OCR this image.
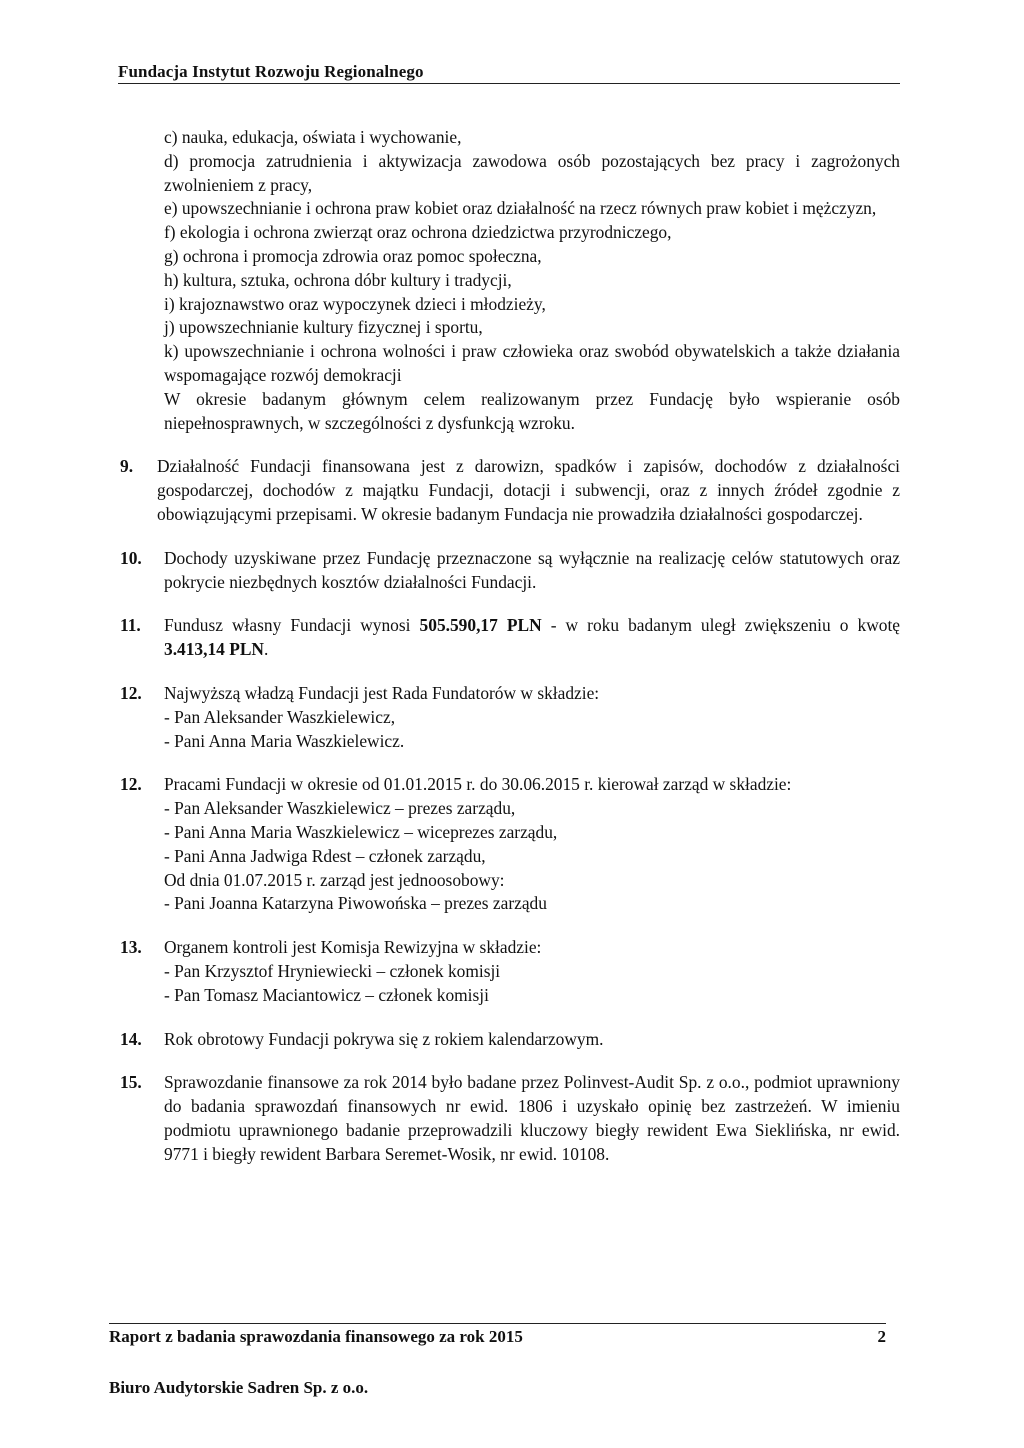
Fundacja Instytut Rozwoju Regionalnego
c) nauka, edukacja, oświata i wychowanie,
d) promocja zatrudnienia i aktywizacja zawodowa osób pozostających bez pracy i zagrożonych zwolnieniem z pracy,
e) upowszechnianie i ochrona praw kobiet oraz działalność na rzecz równych praw kobiet i mężczyzn,
f) ekologia i ochrona zwierząt oraz ochrona dziedzictwa przyrodniczego,
g) ochrona i promocja zdrowia oraz pomoc społeczna,
h) kultura, sztuka, ochrona dóbr kultury i tradycji,
i) krajoznawstwo oraz wypoczynek dzieci i młodzieży,
j) upowszechnianie kultury fizycznej i sportu,
k) upowszechnianie i ochrona wolności i praw człowieka oraz swobód obywatelskich a także działania wspomagające rozwój demokracji
W okresie badanym głównym celem realizowanym przez Fundację było wspieranie osób niepełnosprawnych, w szczególności z dysfunkcją wzroku.
9. Działalność Fundacji finansowana jest z darowizn, spadków i zapisów, dochodów z działalności gospodarczej, dochodów z majątku Fundacji, dotacji i subwencji, oraz z innych źródeł zgodnie z obowiązującymi przepisami. W okresie badanym Fundacja nie prowadziła działalności gospodarczej.
10. Dochody uzyskiwane przez Fundację przeznaczone są wyłącznie na realizację celów statutowych oraz pokrycie niezbędnych kosztów działalności Fundacji.
11. Fundusz własny Fundacji wynosi 505.590,17 PLN - w roku badanym uległ zwiększeniu o kwotę 3.413,14 PLN.
12. Najwyższą władzą Fundacji jest Rada Fundatorów w składzie:
- Pan Aleksander Waszkielewicz,
- Pani Anna Maria Waszkielewicz.
12. Pracami Fundacji w okresie od 01.01.2015 r. do 30.06.2015 r. kierował zarząd w składzie:
- Pan Aleksander Waszkielewicz – prezes zarządu,
- Pani Anna Maria Waszkielewicz – wiceprezes zarządu,
- Pani Anna Jadwiga Rdest – członek zarządu,
Od dnia 01.07.2015 r. zarząd jest jednoosobowy:
- Pani Joanna Katarzyna Piwowońska – prezes zarządu
13. Organem kontroli jest Komisja Rewizyjna w składzie:
- Pan Krzysztof Hryniewiecki – członek komisji
- Pan Tomasz Maciantowicz – członek komisji
14. Rok obrotowy Fundacji pokrywa się z rokiem kalendarzowym.
15. Sprawozdanie finansowe za rok 2014 było badane przez Polinvest-Audit Sp. z o.o., podmiot uprawniony do badania sprawozdań finansowych nr ewid. 1806 i uzyskało opinię bez zastrzeżeń. W imieniu podmiotu uprawnionego badanie przeprowadzili kluczowy biegły rewident Ewa Sieklińska, nr ewid. 9771 i biegły rewident Barbara Seremet-Wosik, nr ewid. 10108.
Raport z badania sprawozdania finansowego za rok 2015	2
Biuro Audytorskie Sadren Sp. z o.o.
